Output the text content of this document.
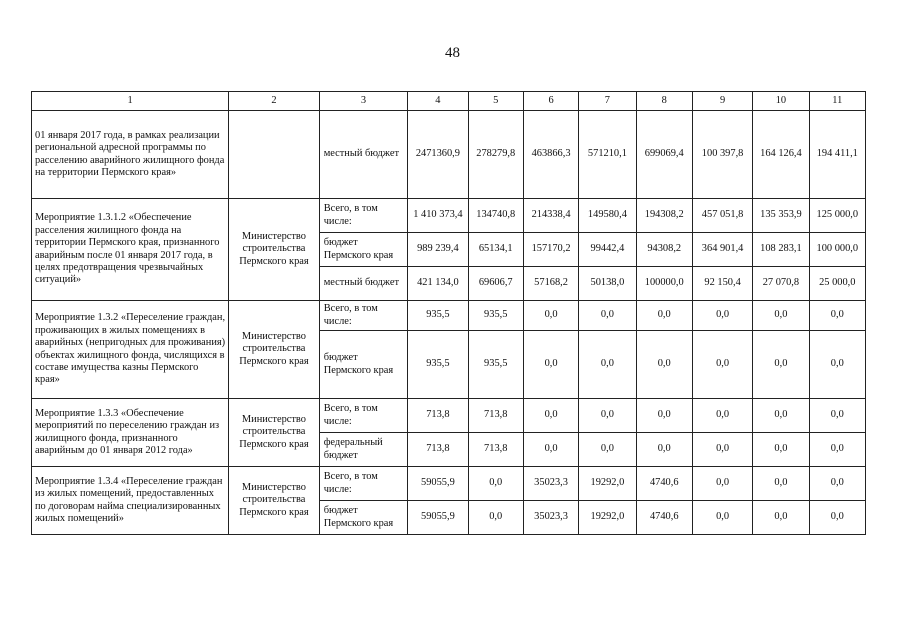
48
1	2	3	4	5	6	7	8	9	10	11
01 января 2017 года, в рамках реализации региональной адресной программы по расселению аварийного жилищного фонда на территории Пермского края»		местный бюджет	2471360,9	278279,8	463866,3	571210,1	699069,4	100 397,8	164 126,4	194 411,1
Мероприятие 1.3.1.2 «Обеспечение расселения жилищного фонда на территории Пермского края, признанного аварийным после 01 января 2017 года, в целях предотвращения чрезвычайных ситуаций»	Министерство строительства Пермского края	Всего, в том числе:	1 410 373,4	134740,8	214338,4	149580,4	194308,2	457 051,8	135 353,9	125 000,0
		бюджет Пермского края	989 239,4	65134,1	157170,2	99442,4	94308,2	364 901,4	108 283,1	100 000,0
		местный бюджет	421 134,0	69606,7	57168,2	50138,0	100000,0	92 150,4	27 070,8	25 000,0
Мероприятие 1.3.2 «Переселение граждан, проживающих в жилых помещениях в аварийных (непригодных для проживания) объектах жилищного фонда, числящихся в составе имущества казны Пермского края»	Министерство строительства Пермского края	Всего, в том числе:	935,5	935,5	0,0	0,0	0,0	0,0	0,0	0,0
		бюджет Пермского края	935,5	935,5	0,0	0,0	0,0	0,0	0,0	0,0
Мероприятие 1.3.3 «Обеспечение мероприятий по переселению граждан из жилищного фонда, признанного аварийным до 01 января 2012 года»	Министерство строительства Пермского края	Всего, в том числе:	713,8	713,8	0,0	0,0	0,0	0,0	0,0	0,0
		федеральный бюджет	713,8	713,8	0,0	0,0	0,0	0,0	0,0	0,0
Мероприятие 1.3.4 «Переселение граждан из жилых помещений, предоставленных по договорам найма специализированных жилых помещений»	Министерство строительства Пермского края	Всего, в том числе:	59055,9	0,0	35023,3	19292,0	4740,6	0,0	0,0	0,0
		бюджет Пермского края	59055,9	0,0	35023,3	19292,0	4740,6	0,0	0,0	0,0
